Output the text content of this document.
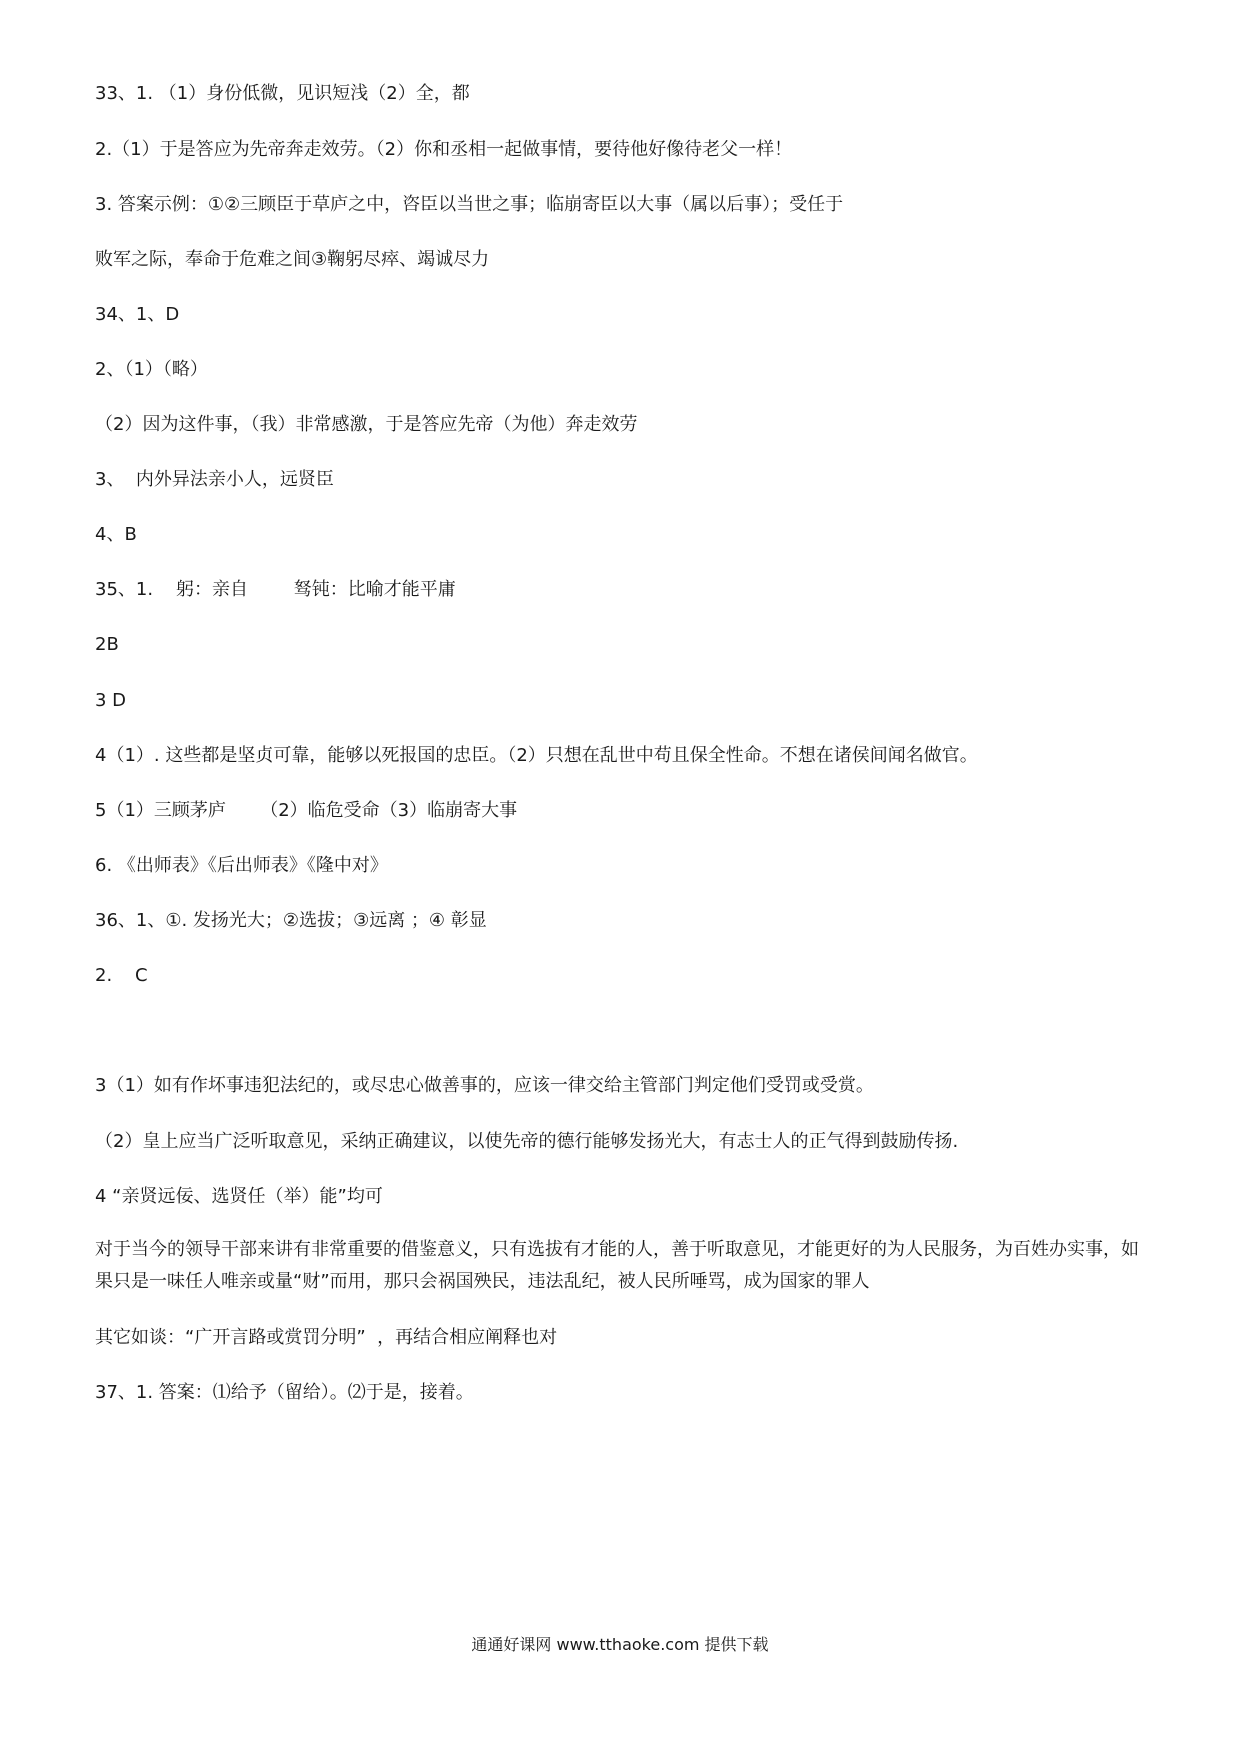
33、1. （1）身份低微，见识短浅（2）全，都
2.（1）于是答应为先帝奔走效劳。（2）你和丞相一起做事情，要待他好像待老父一样！
3. 答案示例：①②三顾臣于草庐之中，咨臣以当世之事；临崩寄臣以大事（属以后事）；受任于
败军之际，奉命于危难之间③鞠躬尽瘁、竭诚尽力
34、1、D
2、（1）（略）
（2）因为这件事，（我）非常感激，于是答应先帝（为他）奔走效劳
3、  内外异法亲小人，远贤臣
4、B
35、1.    躬：亲自        驽钝：比喻才能平庸
2B
3 D
4（1）. 这些都是坚贞可靠，能够以死报国的忠臣。（2）只想在乱世中苟且保全性命。不想在诸侯间闻名做官。
5（1）三顾茅庐      （2）临危受命（3）临崩寄大事
6. 《出师表》《后出师表》《隆中对》
36、1、①. 发扬光大；②选拔；③远离 ；④ 彰显
2.    C
3（1）如有作坏事违犯法纪的，或尽忠心做善事的，应该一律交给主管部门判定他们受罚或受赏。
（2）皇上应当广泛听取意见，采纳正确建议，以使先帝的德行能够发扬光大，有志士人的正气得到鼓励传扬.
4 “亲贤远佞、选贤任（举）能”均可
对于当今的领导干部来讲有非常重要的借鉴意义，只有选拔有才能的人，善于听取意见，才能更好的为人民服务，为百姓办实事，如果只是一味任人唯亲或量“财”而用，那只会祸国殃民，违法乱纪，被人民所唾骂，成为国家的罪人
其它如谈：“广开言路或赏罚分明”  ，再结合相应阐释也对
37、1. 答案：⑴给予（留给）。⑵于是，接着。
通通好课网 www.tthaoke.com 提供下载
